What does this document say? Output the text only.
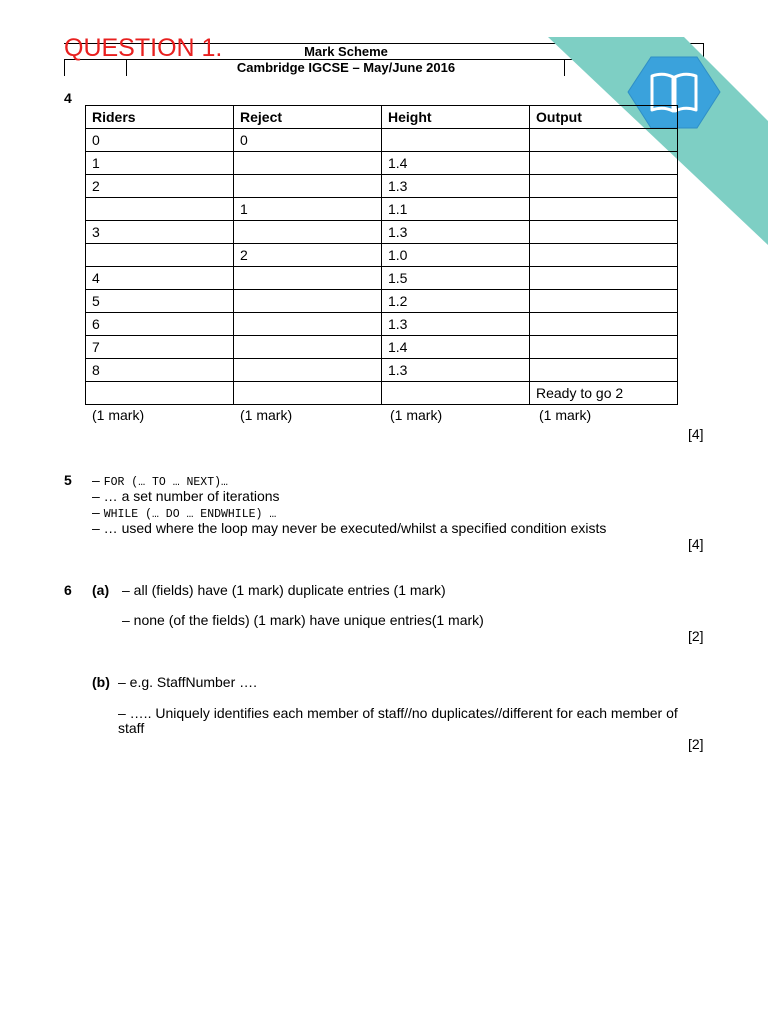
Mark Scheme
Cambridge IGCSE – May/June 2016
QUESTION 1.
4
Riders	Reject	Height	Output
0	0		
1		1.4	
2		1.3	
	1	1.1	
3		1.3	
	2	1.0	
4		1.5	
5		1.2	
6		1.3	
7		1.4	
8		1.3	
			Ready to go 2
(1 mark)	(1 mark)	(1 mark)	(1 mark)
[4]
5 – FOR (… TO … NEXT)…
– … a set number of iterations
– WHILE (… DO … ENDWHILE) …
– … used where the loop may never be executed/whilst a specified condition exists
[4]
6 (a) – all (fields) have (1 mark) duplicate entries (1 mark)
– none (of the fields) (1 mark) have unique entries(1 mark)
[2]
(b) – e.g. StaffNumber ….
– ….. Uniquely identifies each member of staff//no duplicates//different for each member of
staff
[2]
